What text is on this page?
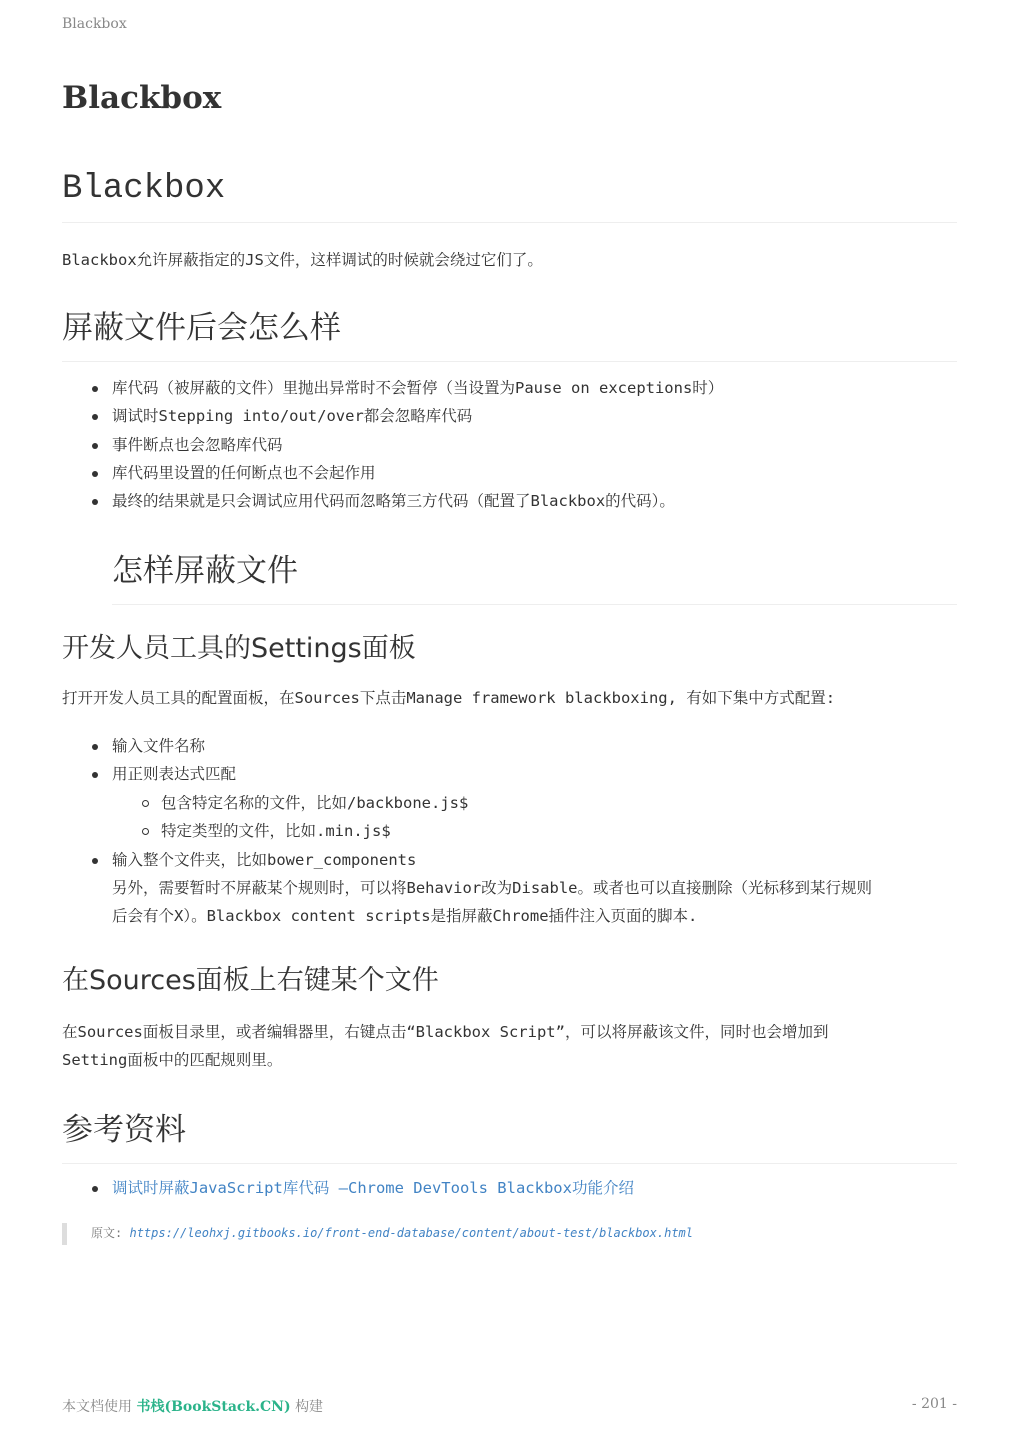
Blackbox
Blackbox
Blackbox

Blackbox允许屏蔽指定的JS文件，这样调试的时候就会绕过它们了。

屏蔽文件后会怎么样
库代码（被屏蔽的文件）里抛出异常时不会暂停（当设置为Pause on exceptions时）
调试时Stepping into/out/over都会忽略库代码
事件断点也会忽略库代码
库代码里设置的任何断点也不会起作用
最终的结果就是只会调试应用代码而忽略第三方代码（配置了Blackbox的代码）。
怎样屏蔽文件
开发人员工具的Settings面板

打开开发人员工具的配置面板，在Sources下点击Manage framework blackboxing, 有如下集中方式配置:

输入文件名称
用正则表达式匹配
包含特定名称的文件，比如/backbone.js$
特定类型的文件，比如.min.js$
输入整个文件夹，比如bower_components

另外，需要暂时不屏蔽某个规则时，可以将Behavior改为Disable。或者也可以直接删除（光标移到某行规则

后会有个X）。Blackbox content scripts是指屏蔽Chrome插件注入页面的脚本.

在Sources面板上右键某个文件

在Sources面板目录里，或者编辑器里，右键点击“Blackbox Script”，可以将屏蔽该文件，同时也会增加到

Setting面板中的匹配规则里。

参考资料
调试时屏蔽JavaScript库代码 –Chrome DevTools Blackbox功能介绍
原文: https://leohxj.gitbooks.io/front-end-database/content/about-test/blackbox.html
本文档使用 书栈(BookStack.CN) 构建	- 201 -
